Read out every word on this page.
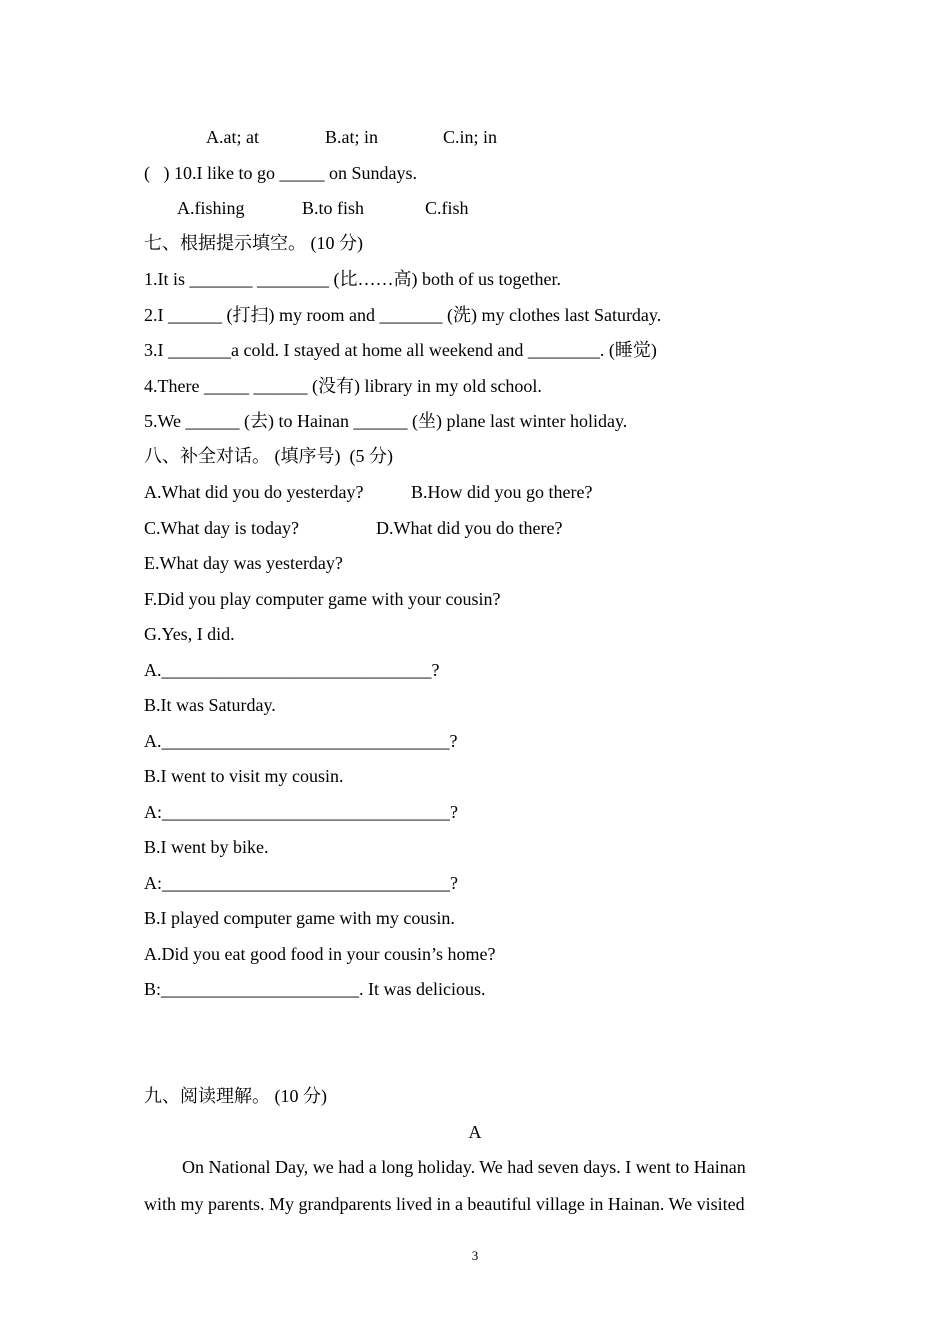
A.at; at	B.at; in	C.in; in
(   ) 10.I like to go _____ on Sundays.
A.fishing	B.to fish	C.fish
七、根据提示填空。 (10 分)
1.It is _______ ________ (比……高) both of us together.
2.I ______ (打扫) my room and _______ (洗) my clothes last Saturday.
3.I _______a cold. I stayed at home all weekend and ________. (睡觉)
4.There _____ ______ (没有) library in my old school.
5.We ______ (去) to Hainan ______ (坐) plane last winter holiday.
八、补全对话。 (填序号)  (5 分)
A.What did you do yesterday?	B.How did you go there?
C.What day is today?	D.What did you do there?
E.What day was yesterday?
F.Did you play computer game with your cousin?
G.Yes, I did.
A.______________________________?
B.It was Saturday.
A.________________________________?
B.I went to visit my cousin.
A:________________________________?
B.I went by bike.
A:________________________________?
B.I played computer game with my cousin.
A.Did you eat good food in your cousin’s home?
B:______________________. It was delicious.
九、阅读理解。 (10 分)
A
On National Day, we had a long holiday. We had seven days. I went to Hainan
with my parents. My grandparents lived in a beautiful village in Hainan. We visited
3
